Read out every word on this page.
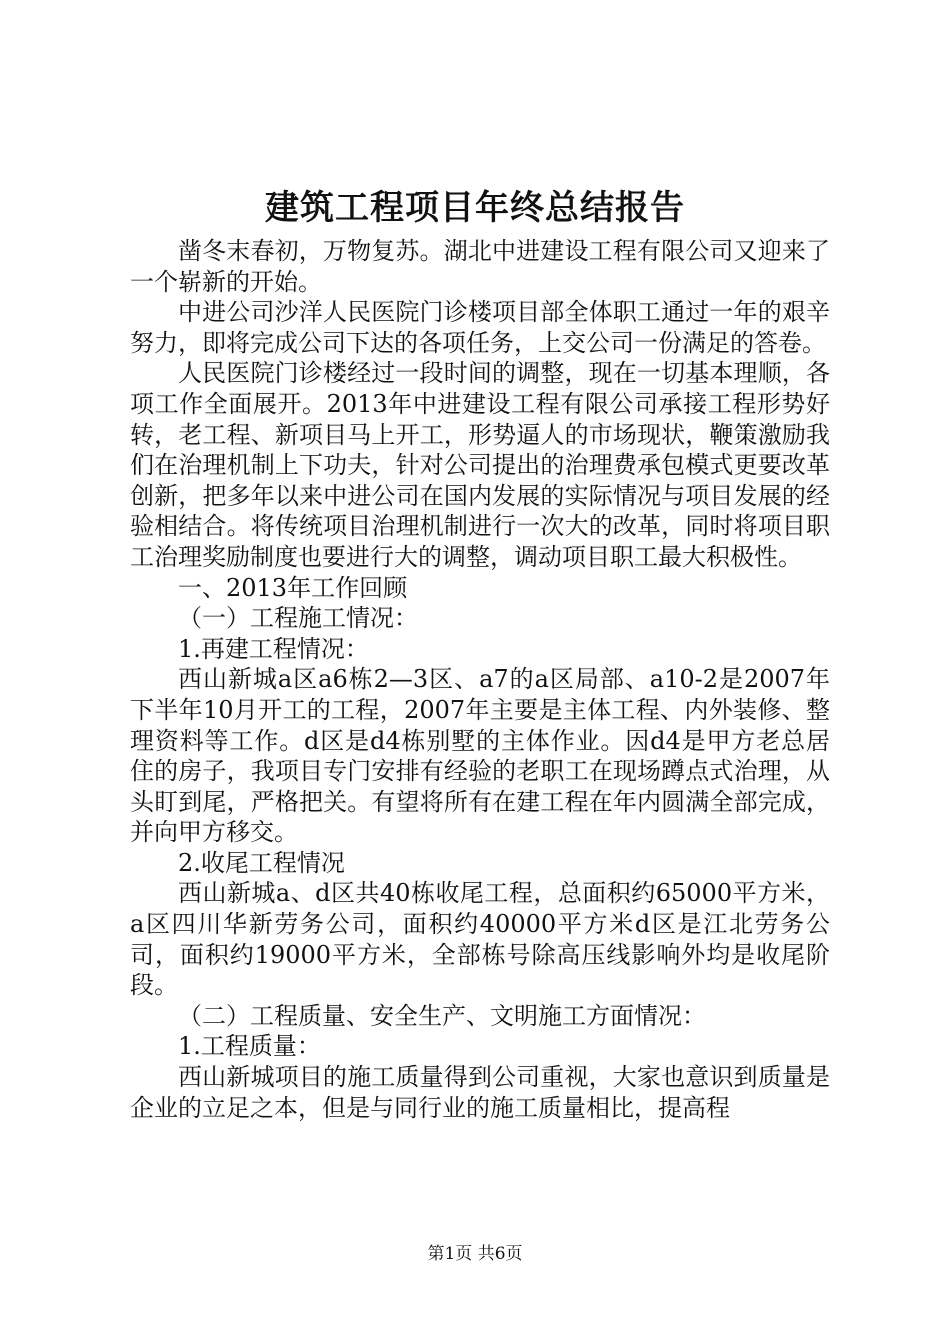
建筑工程项目年终总结报告

凿冬末春初，万物复苏。湖北中进建设工程有限公司又迎来了一个崭新的开始。

中进公司沙洋人民医院门诊楼项目部全体职工通过一年的艰辛努力，即将完成公司下达的各项任务，上交公司一份满足的答卷。

人民医院门诊楼经过一段时间的调整，现在一切基本理顺，各项工作全面展开。2013年中进建设工程有限公司承接工程形势好转，老工程、新项目马上开工，形势逼人的市场现状，鞭策激励我们在治理机制上下功夫，针对公司提出的治理费承包模式更要改革创新，把多年以来中进公司在国内发展的实际情况与项目发展的经验相结合。将传统项目治理机制进行一次大的改革，同时将项目职工治理奖励制度也要进行大的调整，调动项目职工最大积极性。

一、2013年工作回顾

（一）工程施工情况：

1.再建工程情况：

西山新城a区a6栋2—3区、a7的a区局部、a10-2是2007年下半年10月开工的工程，2007年主要是主体工程、内外装修、整理资料等工作。d区是d4栋别墅的主体作业。因d4是甲方老总居住的房子，我项目专门安排有经验的老职工在现场蹲点式治理，从头盯到尾，严格把关。有望将所有在建工程在年内圆满全部完成，并向甲方移交。

2.收尾工程情况

西山新城a、d区共40栋收尾工程，总面积约65000平方米，a区四川华新劳务公司，面积约40000平方米d区是江北劳务公司，面积约19000平方米，全部栋号除高压线影响外均是收尾阶段。

（二）工程质量、安全生产、文明施工方面情况：

1.工程质量：

西山新城项目的施工质量得到公司重视，大家也意识到质量是企业的立足之本，但是与同行业的施工质量相比，提高程

第1页 共6页
